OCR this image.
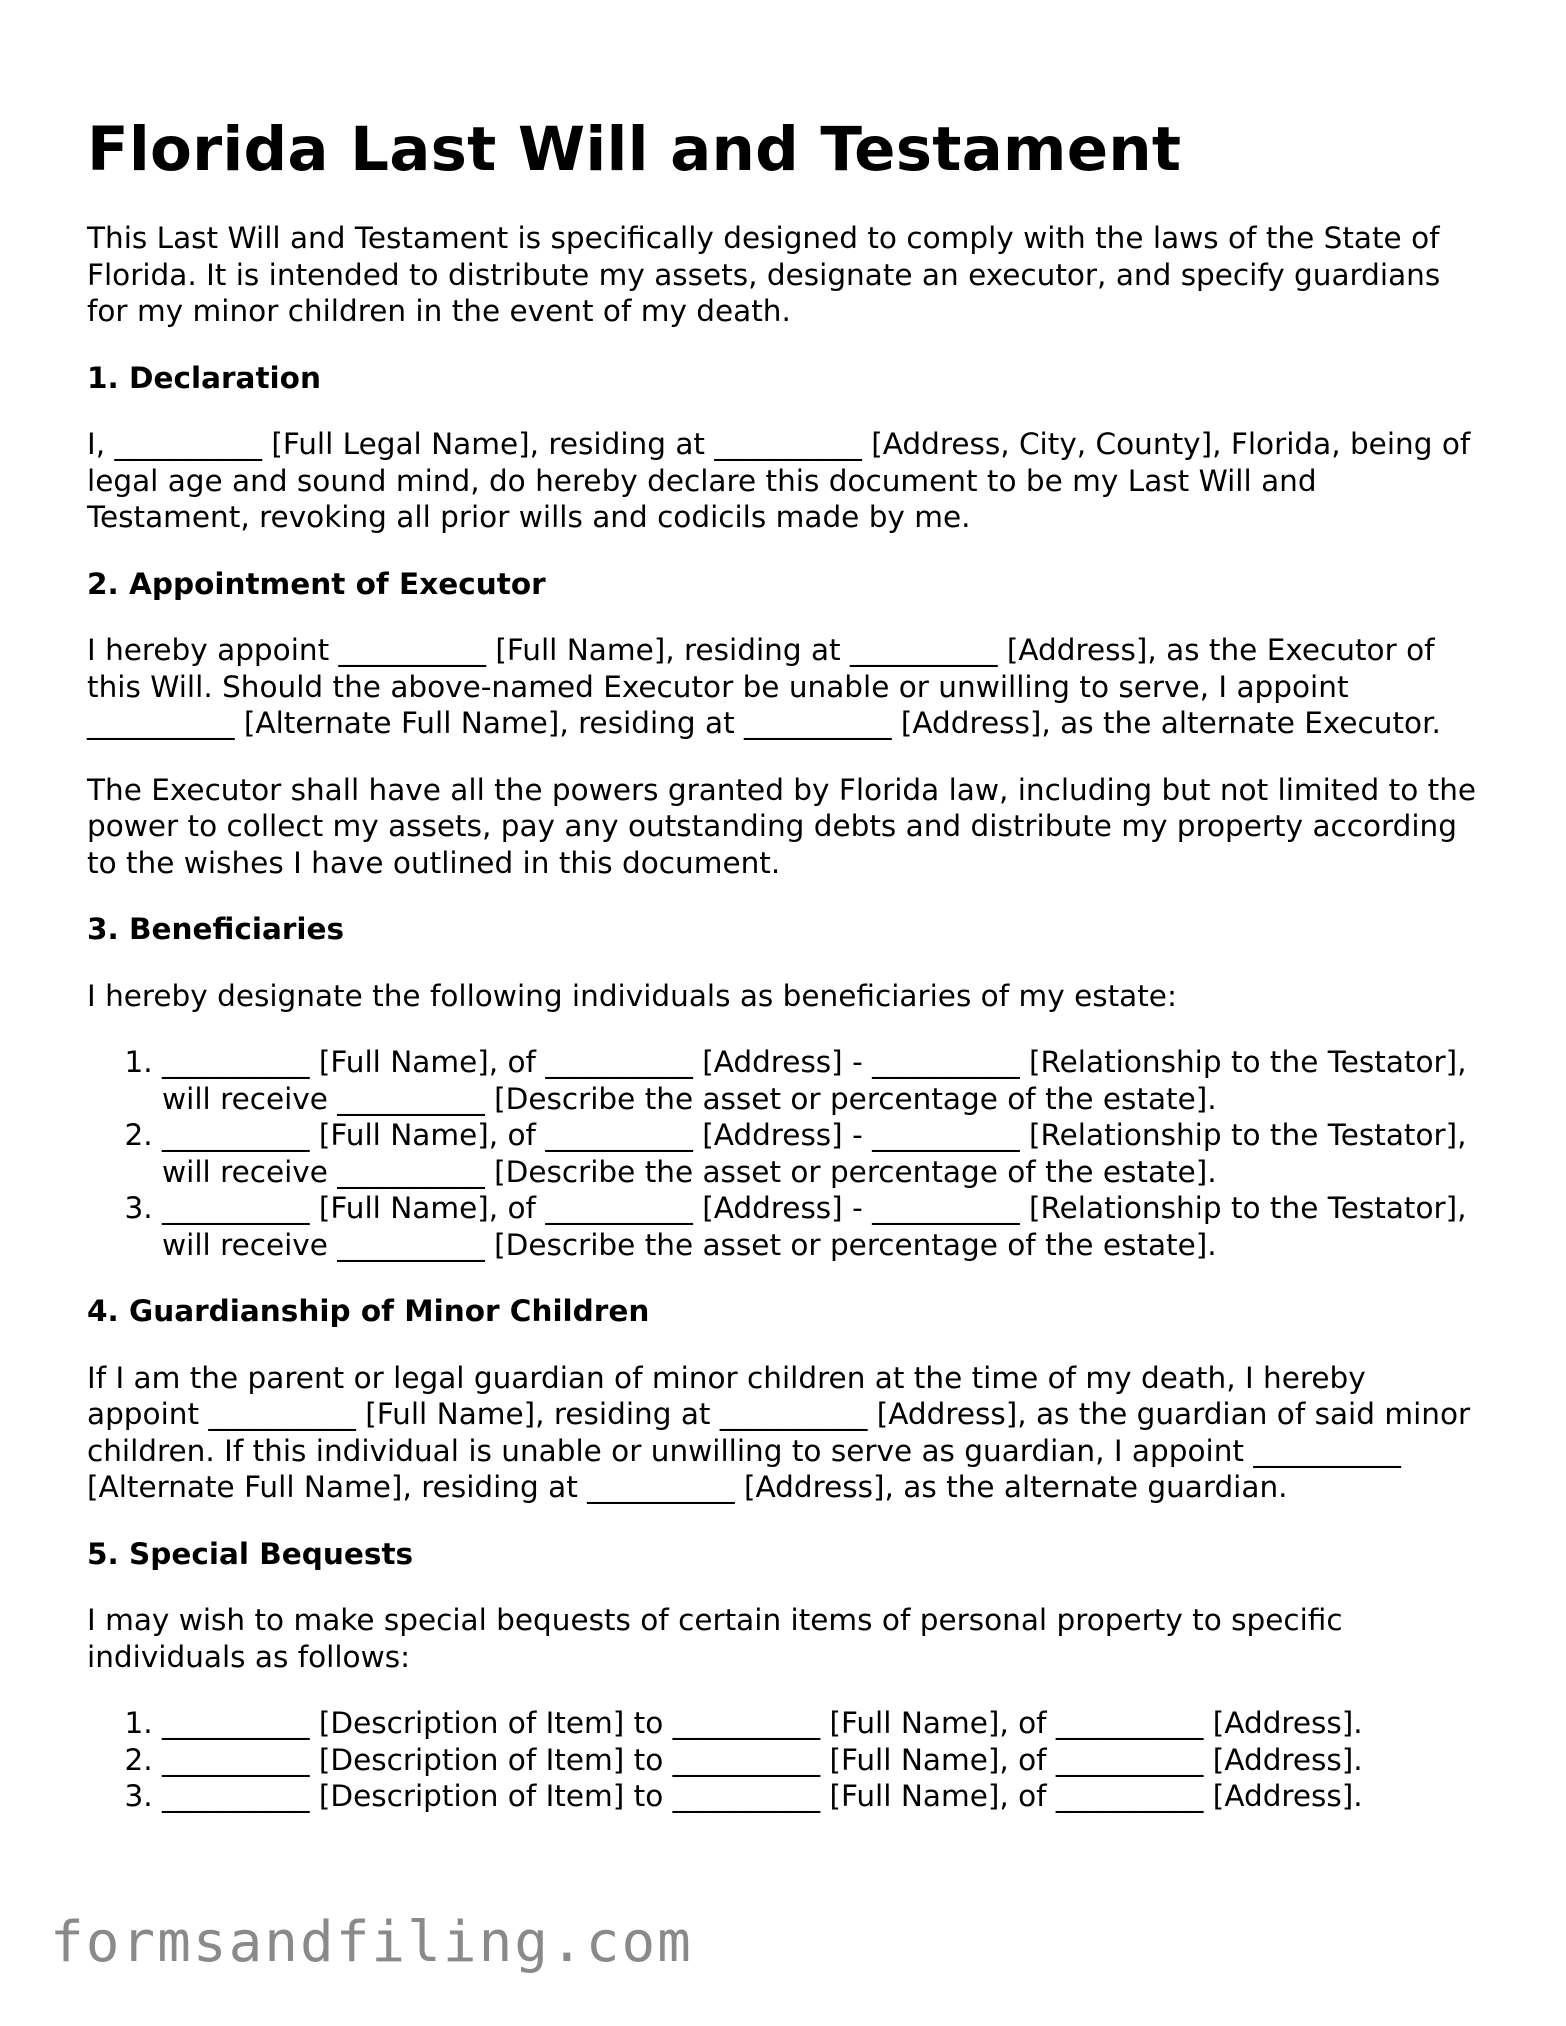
Florida Last Will and Testament

This Last Will and Testament is specifically designed to comply with the laws of the State of Florida. It is intended to distribute my assets, designate an executor, and specify guardians for my minor children in the event of my death.

1. Declaration

I, __________ [Full Legal Name], residing at __________ [Address, City, County], Florida, being of legal age and sound mind, do hereby declare this document to be my Last Will and Testament, revoking all prior wills and codicils made by me.

2. Appointment of Executor

I hereby appoint __________ [Full Name], residing at __________ [Address], as the Executor of this Will. Should the above-named Executor be unable or unwilling to serve, I appoint __________ [Alternate Full Name], residing at __________ [Address], as the alternate Executor.

The Executor shall have all the powers granted by Florida law, including but not limited to the power to collect my assets, pay any outstanding debts and distribute my property according to the wishes I have outlined in this document.

3. Beneficiaries

I hereby designate the following individuals as beneficiaries of my estate:

1. __________ [Full Name], of __________ [Address] - __________ [Relationship to the Testator], will receive __________ [Describe the asset or percentage of the estate].
2. __________ [Full Name], of __________ [Address] - __________ [Relationship to the Testator], will receive __________ [Describe the asset or percentage of the estate].
3. __________ [Full Name], of __________ [Address] - __________ [Relationship to the Testator], will receive __________ [Describe the asset or percentage of the estate].
4. Guardianship of Minor Children

If I am the parent or legal guardian of minor children at the time of my death, I hereby appoint __________ [Full Name], residing at __________ [Address], as the guardian of said minor children. If this individual is unable or unwilling to serve as guardian, I appoint __________ [Alternate Full Name], residing at __________ [Address], as the alternate guardian.

5. Special Bequests

I may wish to make special bequests of certain items of personal property to specific individuals as follows:

1. __________ [Description of Item] to __________ [Full Name], of __________ [Address].
2. __________ [Description of Item] to __________ [Full Name], of __________ [Address].
3. __________ [Description of Item] to __________ [Full Name], of __________ [Address].
formsandfiling.com
